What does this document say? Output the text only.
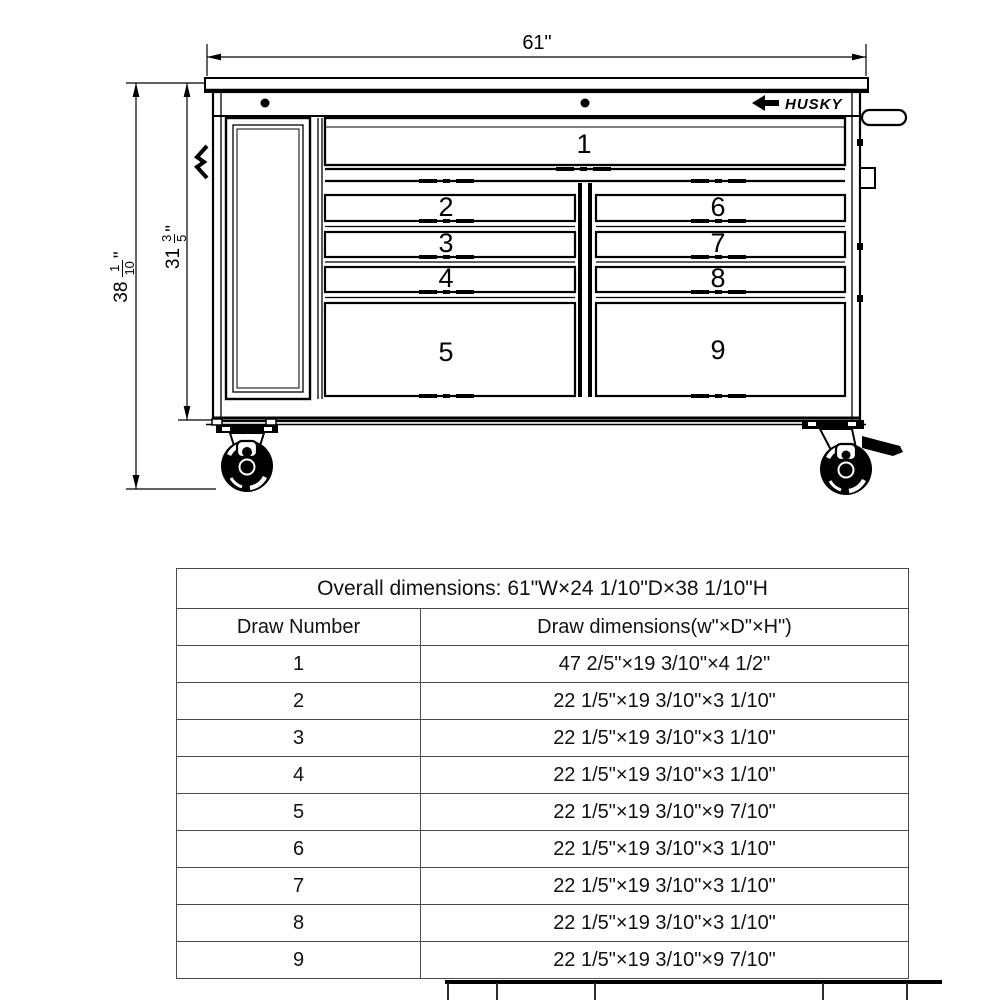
61"
HUSKY
1
2
3
4
5
6
7
8
9
38
1 10
" 31
3 5
"
Overall dimensions: 61"W×24 1/10"D×38 1/10"H	
Draw Number	Draw dimensions(w"×D"×H")
1	47 2/5"×19 3/10"×4 1/2"
2	22 1/5"×19 3/10"×3 1/10"
3	22 1/5"×19 3/10"×3 1/10"
4	22 1/5"×19 3/10"×3 1/10"
5	22 1/5"×19 3/10"×9 7/10"
6	22 1/5"×19 3/10"×3 1/10"
7	22 1/5"×19 3/10"×3 1/10"
8	22 1/5"×19 3/10"×3 1/10"
9	22 1/5"×19 3/10"×9 7/10"
